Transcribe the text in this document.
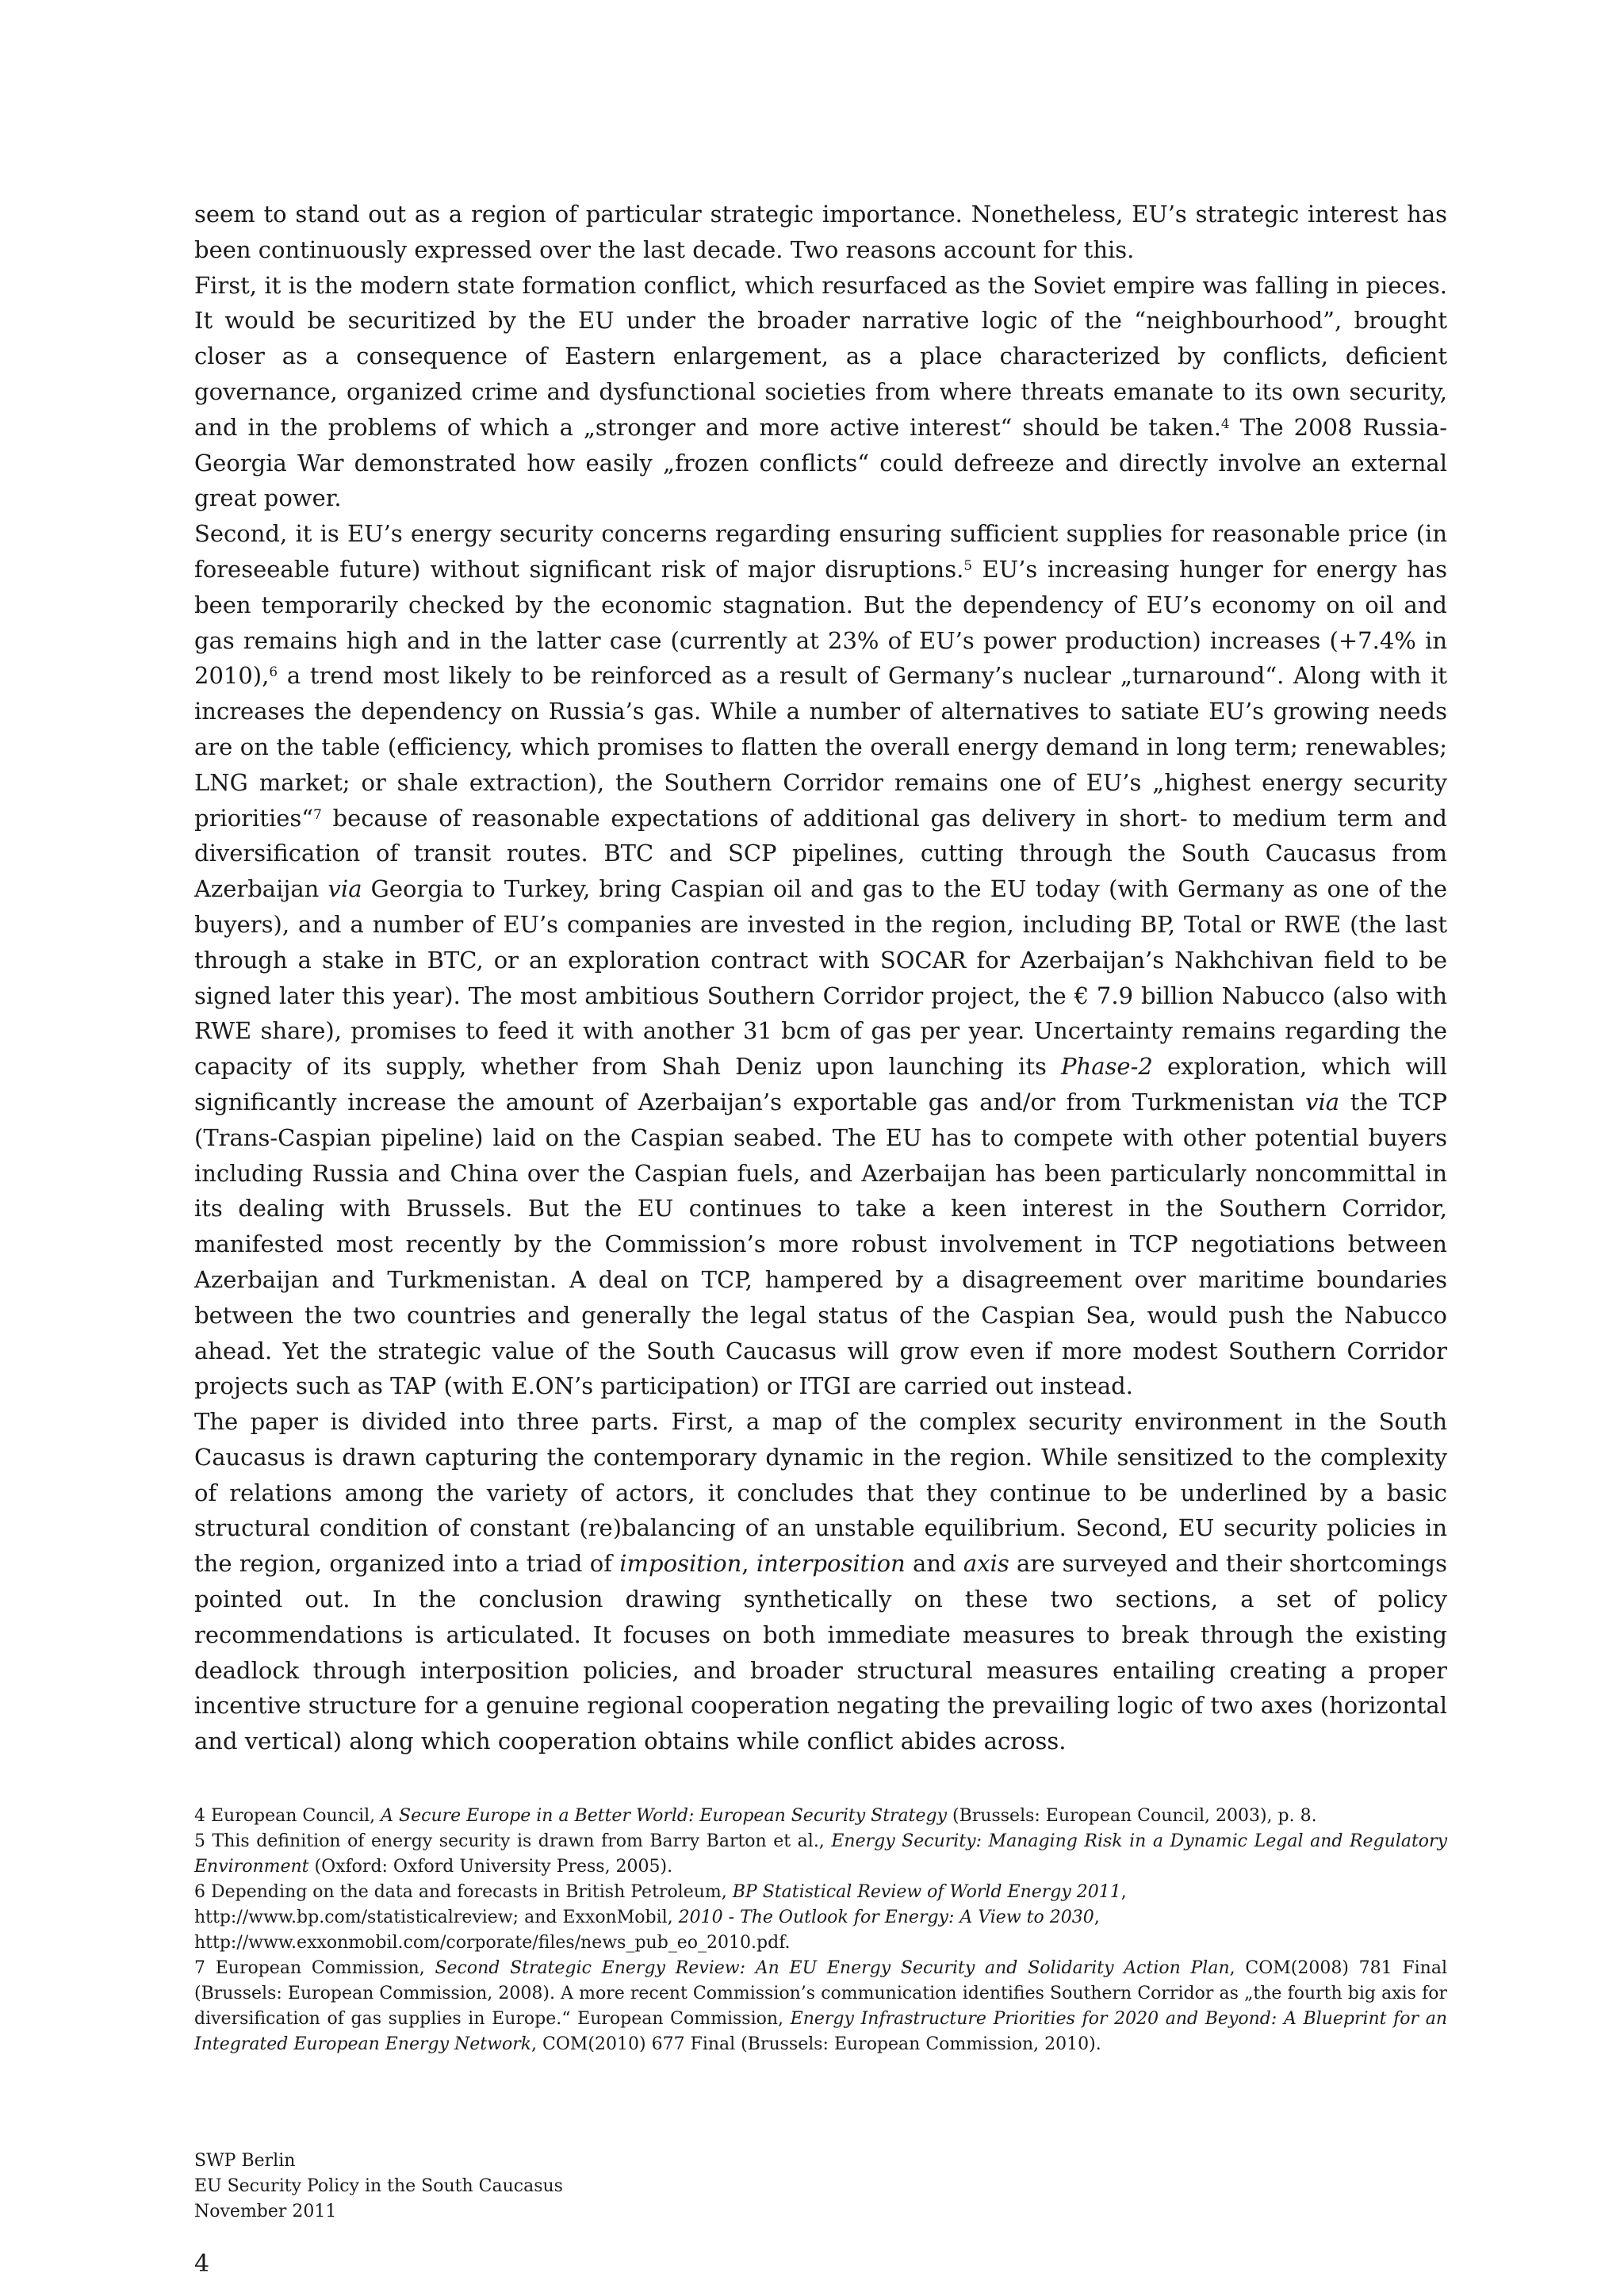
seem to stand out as a region of particular strategic importance. Nonetheless, EU’s strategic interest has been continuously expressed over the last decade. Two reasons account for this.

First, it is the modern state formation conflict, which resurfaced as the Soviet empire was falling in pieces. It would be securitized by the EU under the broader narrative logic of the “neighbourhood”, brought closer as a consequence of Eastern enlargement, as a place characterized by conflicts, deficient governance, organized crime and dysfunctional societies from where threats emanate to its own security, and in the problems of which a „stronger and more active interest“ should be taken.$^4$ The 2008 Russia-Georgia War demonstrated how easily „frozen conflicts“ could defreeze and directly involve an external great power.

Second, it is EU’s energy security concerns regarding ensuring sufficient supplies for reasonable price (in foreseeable future) without significant risk of major disruptions.$^5$ EU’s increasing hunger for energy has been temporarily checked by the economic stagnation. But the dependency of EU’s economy on oil and gas remains high and in the latter case (currently at 23% of EU’s power production) increases (+7.4% in 2010),$^6$ a trend most likely to be reinforced as a result of Germany’s nuclear „turnaround“. Along with it increases the dependency on Russia’s gas. While a number of alternatives to satiate EU’s growing needs are on the table (efficiency, which promises to flatten the overall energy demand in long term; renewables; LNG market; or shale extraction), the Southern Corridor remains one of EU’s „highest energy security priorities“$^7$ because of reasonable expectations of additional gas delivery in short- to medium term and diversification of transit routes. BTC and SCP pipelines, cutting through the South Caucasus from Azerbaijan via Georgia to Turkey, bring Caspian oil and gas to the EU today (with Germany as one of the buyers), and a number of EU’s companies are invested in the region, including BP, Total or RWE (the last through a stake in BTC, or an exploration contract with SOCAR for Azerbaijan’s Nakhchivan field to be signed later this year). The most ambitious Southern Corridor project, the € 7.9 billion Nabucco (also with RWE share), promises to feed it with another 31 bcm of gas per year. Uncertainty remains regarding the capacity of its supply, whether from Shah Deniz upon launching its Phase-2 exploration, which will significantly increase the amount of Azerbaijan’s exportable gas and/or from Turkmenistan via the TCP (Trans-Caspian pipeline) laid on the Caspian seabed. The EU has to compete with other potential buyers including Russia and China over the Caspian fuels, and Azerbaijan has been particularly noncommittal in its dealing with Brussels. But the EU continues to take a keen interest in the Southern Corridor, manifested most recently by the Commission’s more robust involvement in TCP negotiations between Azerbaijan and Turkmenistan. A deal on TCP, hampered by a disagreement over maritime boundaries between the two countries and generally the legal status of the Caspian Sea, would push the Nabucco ahead. Yet the strategic value of the South Caucasus will grow even if more modest Southern Corridor projects such as TAP (with E.ON’s participation) or ITGI are carried out instead.

The paper is divided into three parts. First, a map of the complex security environment in the South Caucasus is drawn capturing the contemporary dynamic in the region. While sensitized to the complexity of relations among the variety of actors, it concludes that they continue to be underlined by a basic structural condition of constant (re)balancing of an unstable equilibrium. Second, EU security policies in the region, organized into a triad of imposition, interposition and axis are surveyed and their shortcomings pointed out. In the conclusion drawing synthetically on these two sections, a set of policy recommendations is articulated. It focuses on both immediate measures to break through the existing deadlock through interposition policies, and broader structural measures entailing creating a proper incentive structure for a genuine regional cooperation negating the prevailing logic of two axes (horizontal and vertical) along which cooperation obtains while conflict abides across.

4 European Council, A Secure Europe in a Better World: European Security Strategy (Brussels: European Council, 2003), p. 8.

5 This definition of energy security is drawn from Barry Barton et al., Energy Security: Managing Risk in a Dynamic Legal and Regulatory Environment (Oxford: Oxford University Press, 2005).

6 Depending on the data and forecasts in British Petroleum, BP Statistical Review of World Energy 2011,
http://www.bp.com/statisticalreview; and ExxonMobil, 2010 - The Outlook for Energy: A View to 2030,
http://www.exxonmobil.com/corporate/files/news_pub_eo_2010.pdf.

7 European Commission, Second Strategic Energy Review: An EU Energy Security and Solidarity Action Plan, COM(2008) 781 Final (Brussels: European Commission, 2008). A more recent Commission’s communication identifies Southern Corridor as „the fourth big axis for diversification of gas supplies in Europe.“ European Commission, Energy Infrastructure Priorities for 2020 and Beyond: A Blueprint for an Integrated European Energy Network, COM(2010) 677 Final (Brussels: European Commission, 2010).

SWP Berlin
EU Security Policy in the South Caucasus
November 2011
4
